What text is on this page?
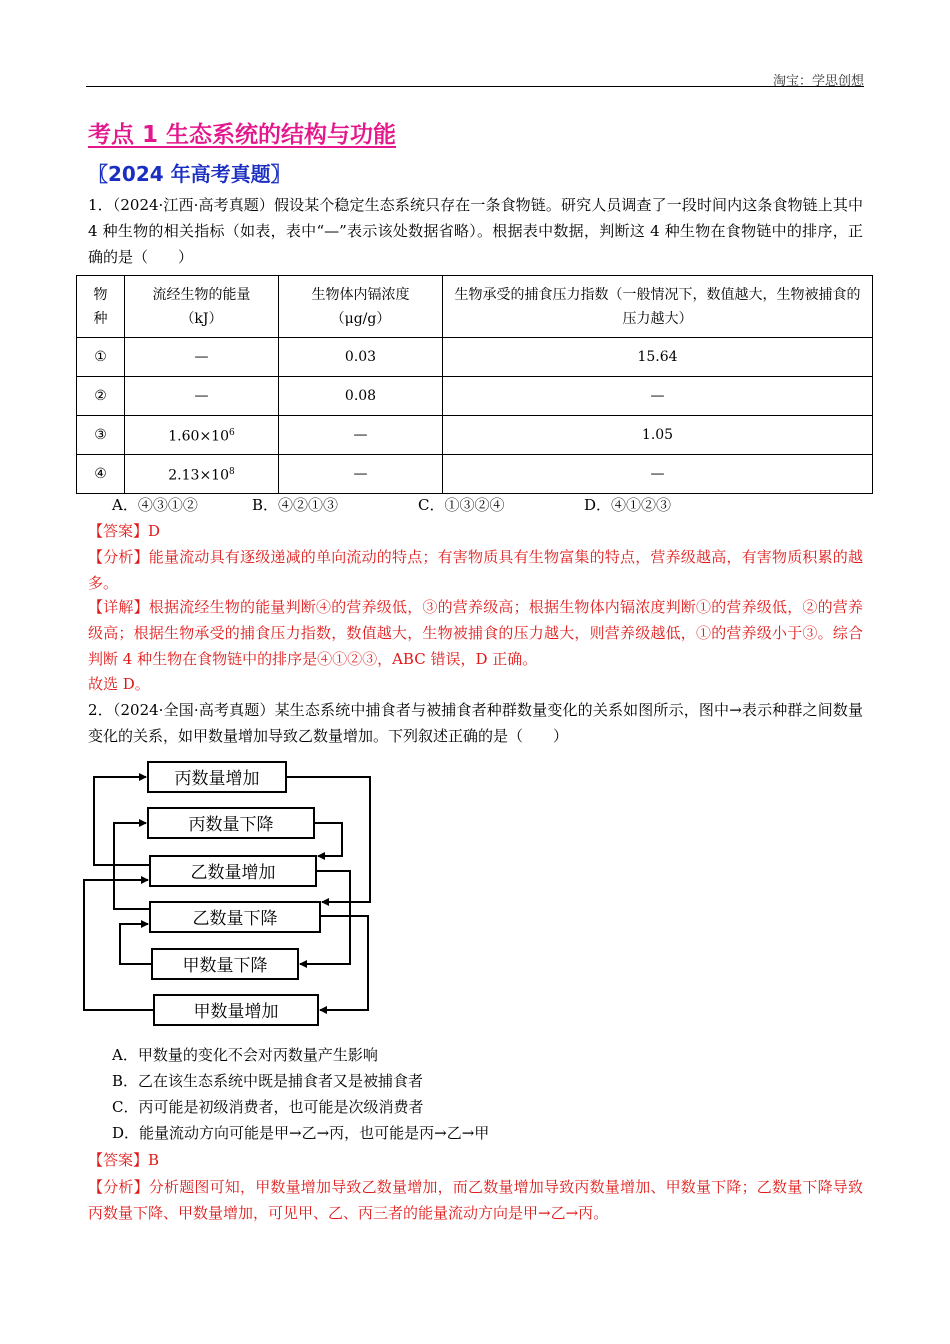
淘宝：学思创想
考点 1 生态系统的结构与功能
〖2024 年高考真题〗
1．（2024·江西·高考真题）假设某个稳定生态系统只存在一条食物链。研究人员调查了一段时间内这条食物链上其中 4 种生物的相关指标（如表，表中“—”表示该处数据省略）。根据表中数据，判断这 4 种生物在食物链中的排序，正确的是（　　）
物种	流经生物的能量（kJ）	生物体内镉浓度（μg/g）	生物承受的捕食压力指数（一般情况下，数值越大，生物被捕食的压力越大）
①	—	0.03	15.64
②	—	0.08	—
③	$1.60\times 10^6$	—	1.05
④	$2.13\times 10^8$	—	—
A．④③①②	B．④②①③	C．①③②④	D．④①②③
【答案】D
【分析】能量流动具有逐级递减的单向流动的特点；有害物质具有生物富集的特点，营养级越高，有害物质积累的越多。
【详解】根据流经生物的能量判断④的营养级低，③的营养级高；根据生物体内镉浓度判断①的营养级低，②的营养级高；根据生物承受的捕食压力指数，数值越大，生物被捕食的压力越大，则营养级越低，①的营养级小于③。综合判断 4 种生物在食物链中的排序是④①②③，ABC 错误，D 正确。
故选 D。
2．（2024·全国·高考真题）某生态系统中捕食者与被捕食者种群数量变化的关系如图所示，图中→表示种群之间数量变化的关系，如甲数量增加导致乙数量增加。下列叙述正确的是（　　）
丙数量增加
丙数量下降
乙数量增加
乙数量下降
甲数量下降
甲数量增加
A．甲数量的变化不会对丙数量产生影响
B．乙在该生态系统中既是捕食者又是被捕食者
C．丙可能是初级消费者，也可能是次级消费者
D．能量流动方向可能是甲→乙→丙，也可能是丙→乙→甲
【答案】B
【分析】分析题图可知，甲数量增加导致乙数量增加，而乙数量增加导致丙数量增加、甲数量下降；乙数量下降导致丙数量下降、甲数量增加，可见甲、乙、丙三者的能量流动方向是甲→乙→丙。
